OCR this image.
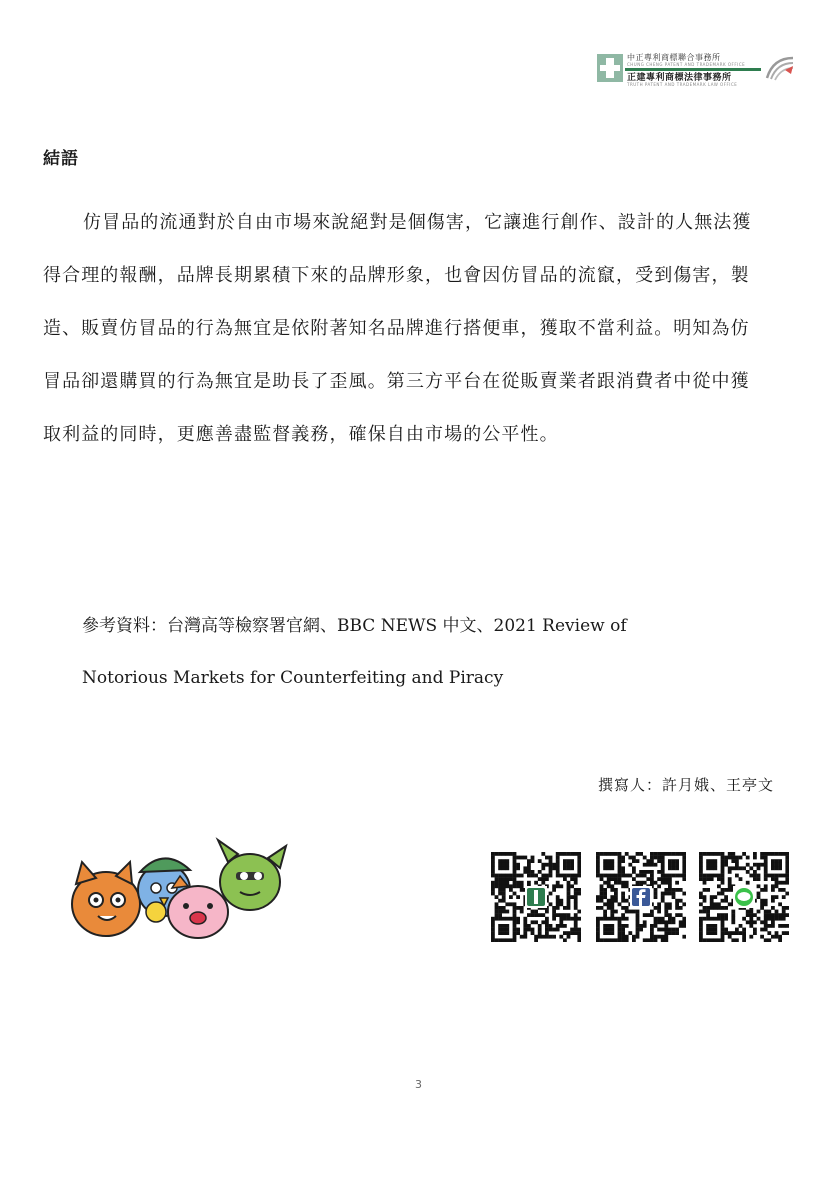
中正專利商標聯合事務所
CHUNG CHENG PATENT AND TRADEMARK OFFICE
正建專利商標法律事務所
TRUTH PATENT AND TRADEMARK LAW OFFICE
結語
仿冒品的流通對於自由市場來說絕對是個傷害，它讓進行創作、設計的人無法獲
得合理的報酬，品牌長期累積下來的品牌形象，也會因仿冒品的流竄，受到傷害，製
造、販賣仿冒品的行為無宜是依附著知名品牌進行搭便車，獲取不當利益。明知為仿
冒品卻還購買的行為無宜是助長了歪風。第三方平台在從販賣業者跟消費者中從中獲
取利益的同時，更應善盡監督義務，確保自由市場的公平性。
參考資料：台灣高等檢察署官網、BBC NEWS 中文、2021 Review of
Notorious Markets for Counterfeiting and Piracy
撰寫人：許月娥、王亭文
3
